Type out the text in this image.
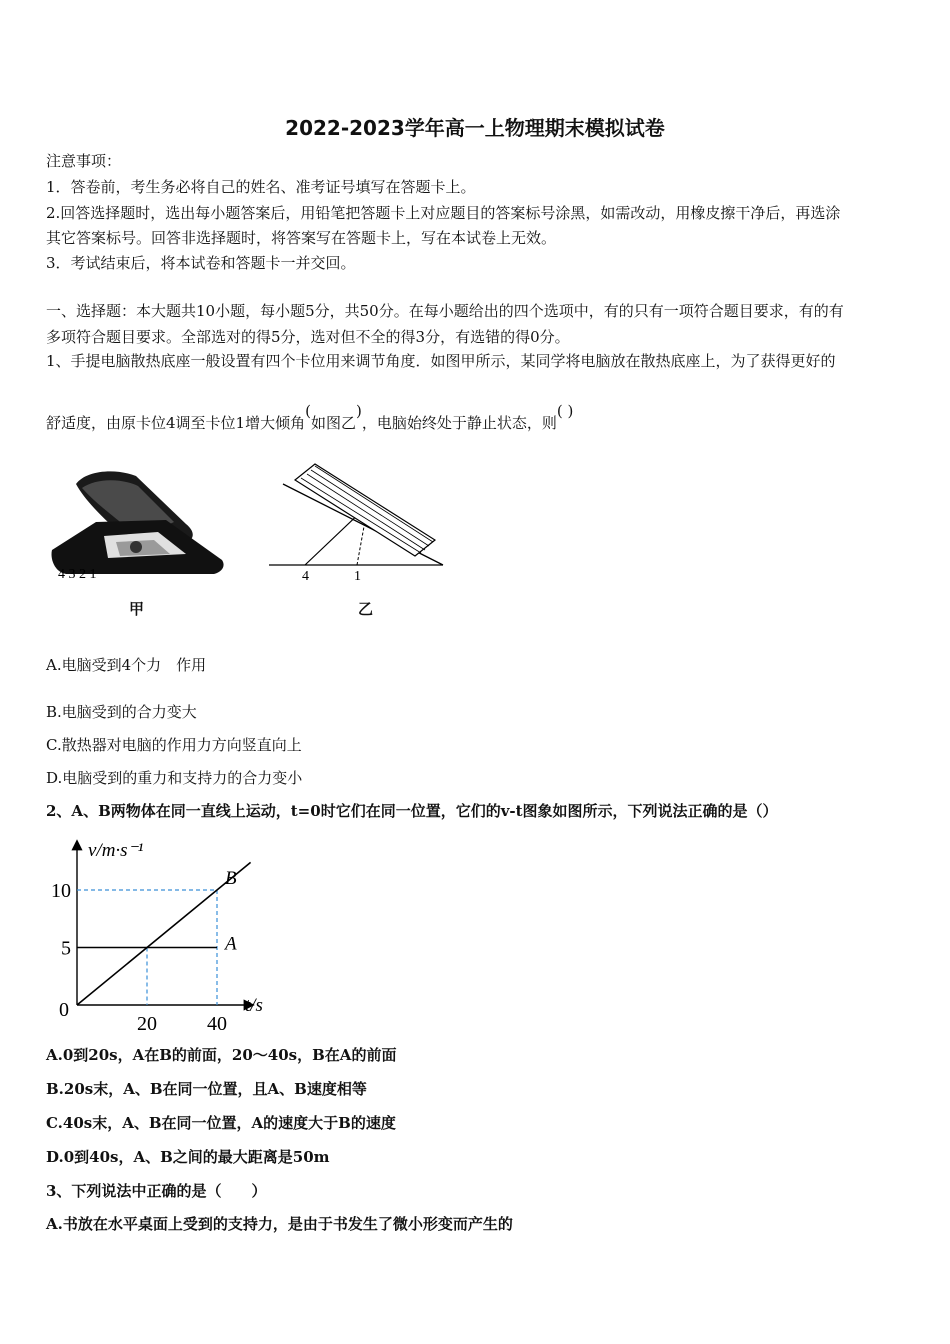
2022-2023学年高一上物理期末模拟试卷
注意事项：
1．答卷前，考生务必将自己的姓名、准考证号填写在答题卡上。
2.回答选择题时，选出每小题答案后，用铅笔把答题卡上对应题目的答案标号涂黑，如需改动，用橡皮擦干净后，再选涂
其它答案标号。回答非选择题时，将答案写在答题卡上，写在本试卷上无效。
3．考试结束后，将本试卷和答题卡一并交回。
一、选择题：本大题共10小题，每小题5分，共50分。在每小题给出的四个选项中，有的只有一项符合题目要求，有的有
多项符合题目要求。全部选对的得5分，选对但不全的得3分，有选错的得0分。
1、手提电脑散热底座一般设置有四个卡位用来调节角度．如图甲所示，某同学将电脑放在散热底座上，为了获得更好的
舒适度，由原卡位4调至卡位1增大倾角(如图乙)，电脑始终处于静止状态，则( )
4 3 2 1
甲
4	1
乙
A.电脑受到4个力　作用
B.电脑受到的合力变大
C.散热器对电脑的作用力方向竖直向上
D.电脑受到的重力和支持力的合力变小
2、A、B两物体在同一直线上运动，t=0时它们在同一位置，它们的v-t图象如图所示，下列说法正确的是（）
A
B
20	40
5
10
0
v/m·s⁻¹
t/s
A.0到20s，A在B的前面，20～40s，B在A的前面
B.20s末，A、B在同一位置，且A、B速度相等
C.40s末，A、B在同一位置，A的速度大于B的速度
D.0到40s，A、B之间的最大距离是50m
3、下列说法中正确的是（　　）
A.书放在水平桌面上受到的支持力，是由于书发生了微小形变而产生的
